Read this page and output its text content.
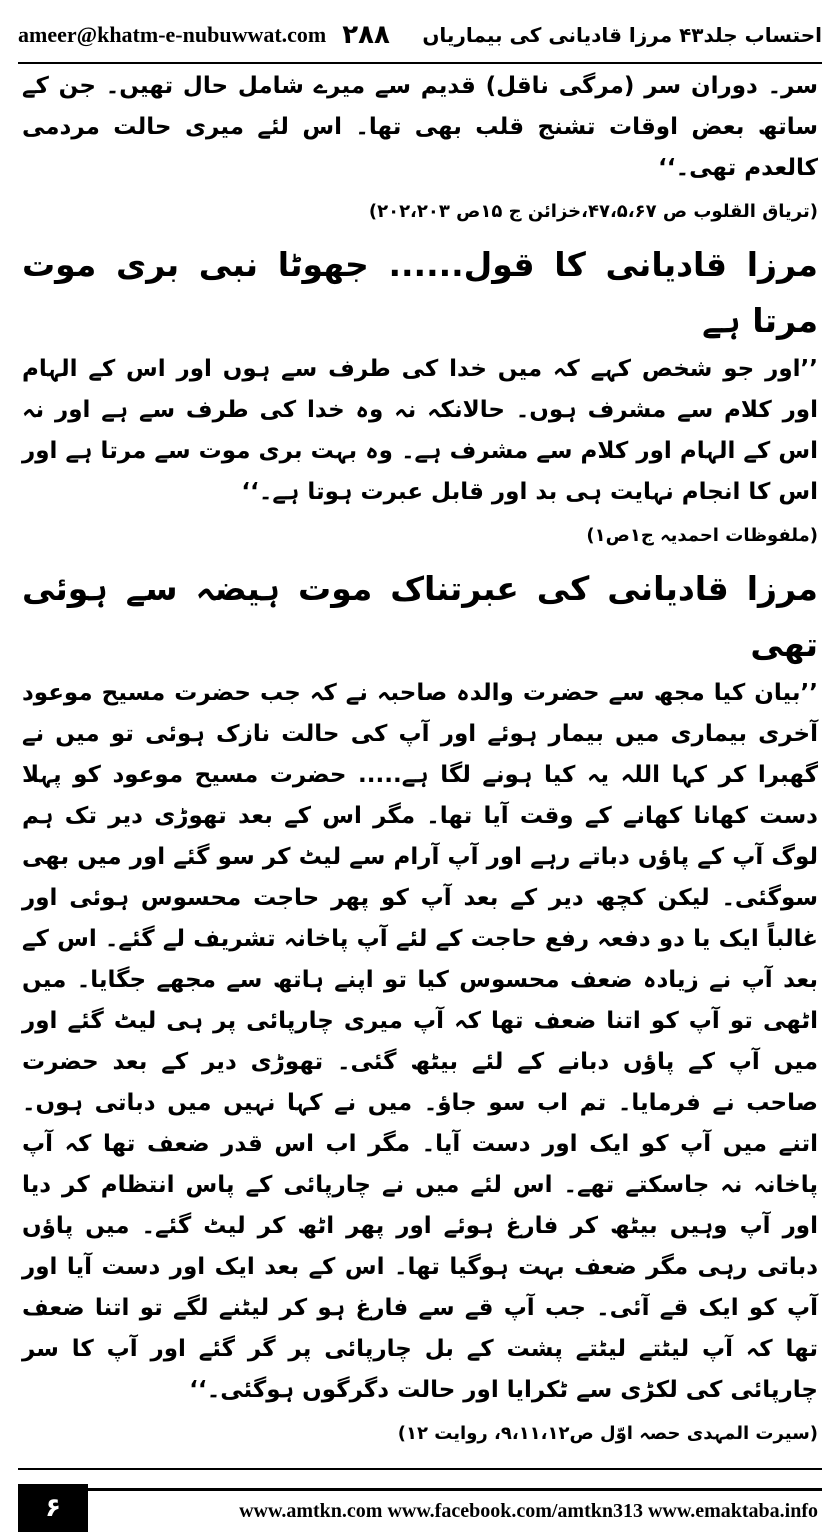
ameer@khatm-e-nubuwwat.com ۲۸۸ احتساب جلد۴۳ مرزا قادیانی کی بیماریاں

سر۔ دوران سر (مرگی ناقل) قدیم سے میرے شامل حال تھیں۔ جن کے ساتھ بعض اوقات تشنج قلب بھی تھا۔ اس لئے میری حالت مردمی کالعدم تھی۔‘‘

(تریاق القلوب ص ۴۷،۵،۶۷،خزائن ج ۱۵ص ۲۰۲،۲۰۳)

مرزا قادیانی کا قول...... جھوٹا نبی بری موت مرتا ہے

’’اور جو شخص کہے کہ میں خدا کی طرف سے ہوں اور اس کے الہام اور کلام سے مشرف ہوں۔ حالانکہ نہ وہ خدا کی طرف سے ہے اور نہ اس کے الہام اور کلام سے مشرف ہے۔ وہ بہت بری موت سے مرتا ہے اور اس کا انجام نہایت ہی بد اور قابل عبرت ہوتا ہے۔‘‘

(ملفوظات احمدیہ ج۱ص۱)

مرزا قادیانی کی عبرتناک موت ہیضہ سے ہوئی تھی

’’بیان کیا مجھ سے حضرت والدہ صاحبہ نے کہ جب حضرت مسیح موعود آخری بیماری میں بیمار ہوئے اور آپ کی حالت نازک ہوئی تو میں نے گھبرا کر کہا اللہ یہ کیا ہونے لگا ہے..... حضرت مسیح موعود کو پہلا دست کھانا کھانے کے وقت آیا تھا۔ مگر اس کے بعد تھوڑی دیر تک ہم لوگ آپ کے پاؤں دباتے رہے اور آپ آرام سے لیٹ کر سو گئے اور میں بھی سوگئی۔ لیکن کچھ دیر کے بعد آپ کو پھر حاجت محسوس ہوئی اور غالباً ایک یا دو دفعہ رفع حاجت کے لئے آپ پاخانہ تشریف لے گئے۔ اس کے بعد آپ نے زیادہ ضعف محسوس کیا تو اپنے ہاتھ سے مجھے جگایا۔ میں اٹھی تو آپ کو اتنا ضعف تھا کہ آپ میری چارپائی پر ہی لیٹ گئے اور میں آپ کے پاؤں دبانے کے لئے بیٹھ گئی۔ تھوڑی دیر کے بعد حضرت صاحب نے فرمایا۔ تم اب سو جاؤ۔ میں نے کہا نہیں میں دباتی ہوں۔ اتنے میں آپ کو ایک اور دست آیا۔ مگر اب اس قدر ضعف تھا کہ آپ پاخانہ نہ جاسکتے تھے۔ اس لئے میں نے چارپائی کے پاس انتظام کر دیا اور آپ وہیں بیٹھ کر فارغ ہوئے اور پھر اٹھ کر لیٹ گئے۔ میں پاؤں دباتی رہی مگر ضعف بہت ہوگیا تھا۔ اس کے بعد ایک اور دست آیا اور آپ کو ایک قے آئی۔ جب آپ قے سے فارغ ہو کر لیٹنے لگے تو اتنا ضعف تھا کہ آپ لیٹتے لیٹتے پشت کے بل چارپائی پر گر گئے اور آپ کا سر چارپائی کی لکڑی سے ٹکرایا اور حالت دگرگوں ہوگئی۔‘‘

(سیرت المہدی حصہ اوّل ص۹،۱۱،۱۲، روایت ۱۲)

۶	www.amtkn.com www.facebook.com/amtkn313 www.emaktaba.info
